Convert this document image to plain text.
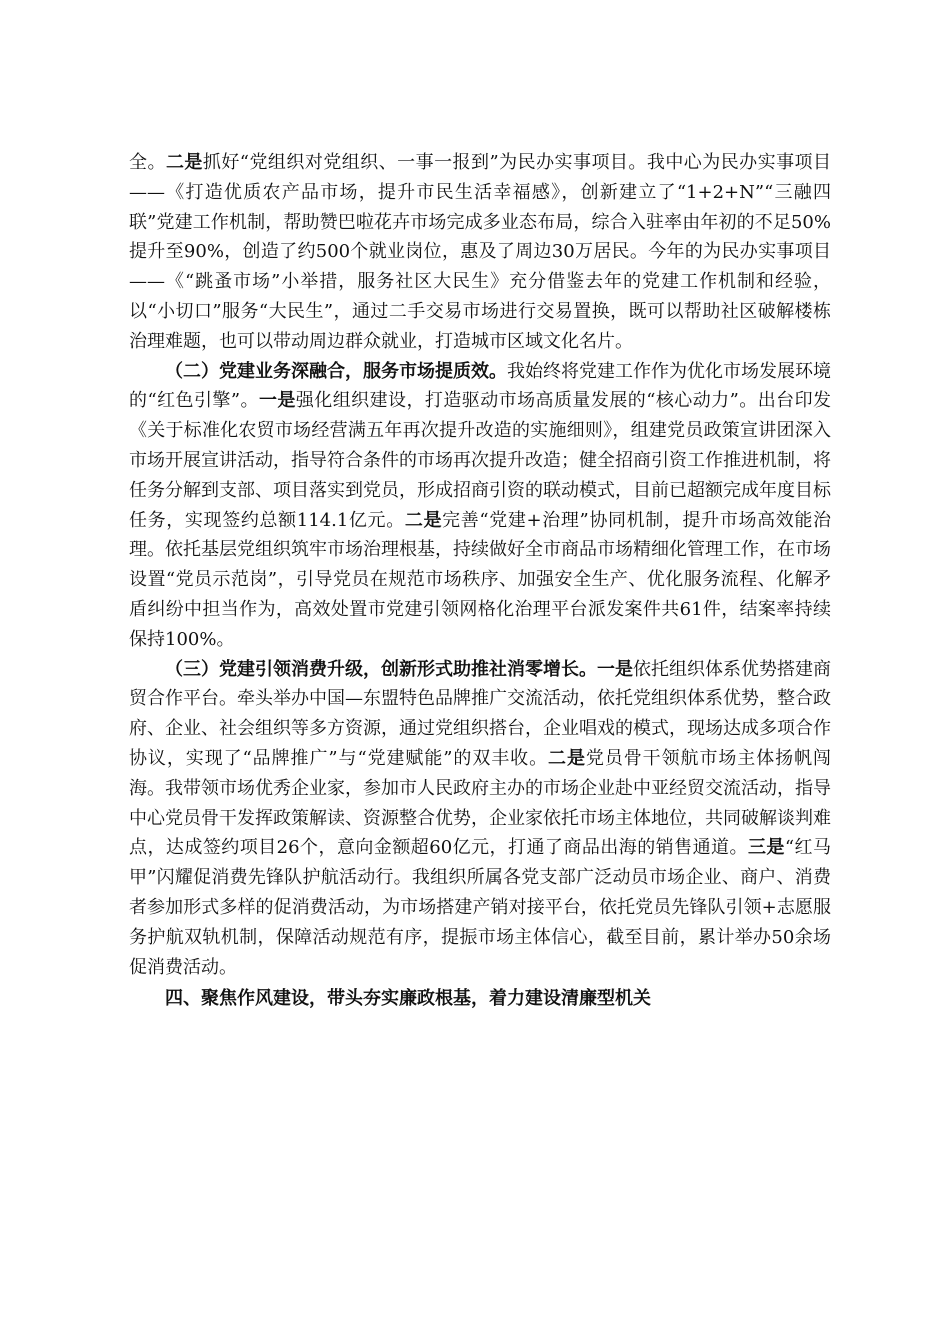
全。二是抓好“党组织对党组织、一事一报到”为民办实事项目。我中心为民办实事项目——《打造优质农产品市场，提升市民生活幸福感》，创新建立了“1+2+N”“三融四联”党建工作机制，帮助赞巴啦花卉市场完成多业态布局，综合入驻率由年初的不足50%提升至90%，创造了约500个就业岗位，惠及了周边30万居民。今年的为民办实事项目——《“跳蚤市场”小举措，服务社区大民生》充分借鉴去年的党建工作机制和经验，以“小切口”服务“大民生”，通过二手交易市场进行交易置换，既可以帮助社区破解楼栋治理难题，也可以带动周边群众就业，打造城市区域文化名片。

（二）党建业务深融合，服务市场提质效。我始终将党建工作作为优化市场发展环境的“红色引擎”。一是强化组织建设，打造驱动市场高质量发展的“核心动力”。出台印发《关于标准化农贸市场经营满五年再次提升改造的实施细则》，组建党员政策宣讲团深入市场开展宣讲活动，指导符合条件的市场再次提升改造；健全招商引资工作推进机制，将任务分解到支部、项目落实到党员，形成招商引资的联动模式，目前已超额完成年度目标任务，实现签约总额114.1亿元。二是完善“党建+治理”协同机制，提升市场高效能治理。依托基层党组织筑牢市场治理根基，持续做好全市商品市场精细化管理工作，在市场设置“党员示范岗”，引导党员在规范市场秩序、加强安全生产、优化服务流程、化解矛盾纠纷中担当作为，高效处置市党建引领网格化治理平台派发案件共61件，结案率持续保持100%。

（三）党建引领消费升级，创新形式助推社消零增长。一是依托组织体系优势搭建商贸合作平台。牵头举办中国—东盟特色品牌推广交流活动，依托党组织体系优势，整合政府、企业、社会组织等多方资源，通过党组织搭台，企业唱戏的模式，现场达成多项合作协议，实现了“品牌推广”与“党建赋能”的双丰收。二是党员骨干领航市场主体扬帆闯海。我带领市场优秀企业家，参加市人民政府主办的市场企业赴中亚经贸交流活动，指导中心党员骨干发挥政策解读、资源整合优势，企业家依托市场主体地位，共同破解谈判难点，达成签约项目26个，意向金额超60亿元，打通了商品出海的销售通道。三是“红马甲”闪耀促消费先锋队护航活动行。我组织所属各党支部广泛动员市场企业、商户、消费者参加形式多样的促消费活动，为市场搭建产销对接平台，依托党员先锋队引领+志愿服务护航双轨机制，保障活动规范有序，提振市场主体信心，截至目前，累计举办50余场促消费活动。

四、聚焦作风建设，带头夯实廉政根基，着力建设清廉型机关
